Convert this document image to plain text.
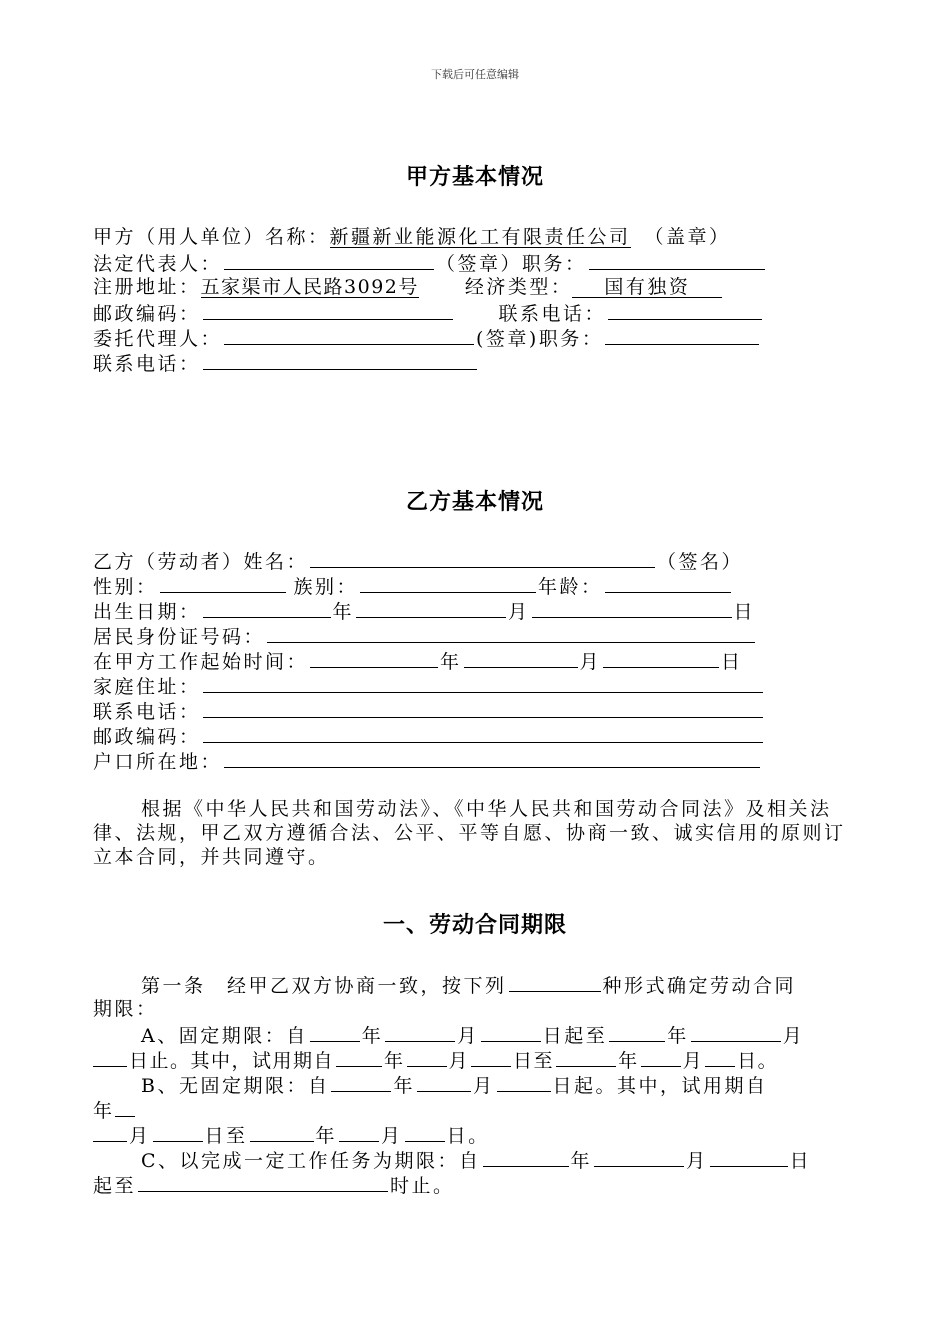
下载后可任意编辑
甲方基本情况
甲方（用人单位）名称：新疆新业能源化工有限责任公司 （盖章）
法定代表人：	（签章）职务：
注册地址：五家渠市人民路3092号 经济类型： 国有独资
邮政编码：	联系电话：
委托代理人：	(签章)职务：
联系电话：
乙方基本情况
乙方（劳动者）姓名：	（签名）
性别：	族别：	年龄：
出生日期：	年	月	日
居民身份证号码：
在甲方工作起始时间：	年	月	日
家庭住址：
联系电话：
邮政编码：
户口所在地：
根据《中华人民共和国劳动法》、《中华人民共和国劳动合同法》及相关法律、法规，甲乙双方遵循合法、公平、平等自愿、协商一致、诚实信用的原则订立本合同，并共同遵守。
一、劳动合同期限
第一条　经甲乙双方协商一致，按下列	种形式确定劳动合同
期限：
A、固定期限：自	年	月	日起至	年	月
日止。其中，试用期自	年 月 日至	年 月 日。
B、无固定期限：自	年	月	日起。其中，试用期自
年
月	日至	年 月 日。
C、以完成一定工作任务为期限：自	年	月	日
起至	时止。
